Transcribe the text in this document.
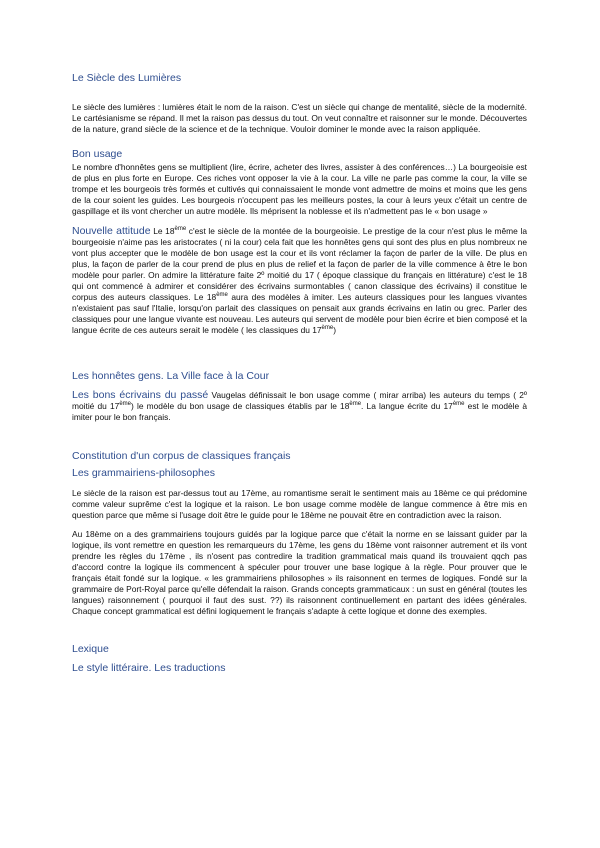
Le Siècle des Lumières

Le siècle des lumières : lumières était le nom de la raison. C'est un siècle qui change de mentalité, siècle de la modernité. Le cartésianisme se répand. Il met la raison pas dessus du tout. On veut connaître et raisonner sur le monde. Découvertes de la nature, grand siècle de la science et de la technique. Vouloir dominer le monde avec la raison appliquée.

Bon usage

Le nombre d'honnêtes gens se multiplient (lire, écrire, acheter des livres, assister à des conférences…) La bourgeoisie est de plus en plus forte en Europe. Ces riches vont opposer la vie à la cour. La ville ne parle pas comme la cour, la ville se trompe et les bourgeois très formés et cultivés qui connaissaient le monde vont admettre de moins et moins que les gens de la cour soient les guides. Les bourgeois n'occupent pas les meilleurs postes, la cour à leurs yeux c'était un centre de gaspillage et ils vont chercher un autre modèle. Ils méprisent la noblesse et ils n'admettent pas le « bon usage »

Nouvelle attitude Le 18ème c'est le siècle de la montée de la bourgeoisie. Le prestige de la cour n'est plus le même la bourgeoisie n'aime pas les aristocrates ( ni la cour) cela fait que les honnêtes gens qui sont des plus en plus nombreux ne vont plus accepter que le modèle de bon usage est la cour et ils vont réclamer la façon de parler de la ville. De plus en plus, la façon de parler de la cour prend de plus en plus de relief et la façon de parler de la ville commence à être le bon modèle pour parler. On admire la littérature faite 2º moitié du 17 ( époque classique du français en littérature) c'est le 18 qui ont commencé à admirer et considérer des écrivains surmontables ( canon classique des écrivains) il constitue le corpus des auteurs classiques. Le 18ème aura des modèles à imiter. Les auteurs classiques pour les langues vivantes n'existaient pas sauf l'Italie, lorsqu'on parlait des classiques on pensait aux grands écrivains en latin ou grec. Parler des classiques pour une langue vivante est nouveau. Les auteurs qui servent de modèle pour bien écrire et bien composé et la langue écrite de ces auteurs serait le modèle ( les classiques du 17ème)

Les honnêtes gens. La Ville face à la Cour

Les bons écrivains du passé Vaugelas définissait le bon usage comme ( mirar arriba) les auteurs du temps ( 2º moitié du 17ème) le modèle du bon usage de classiques établis par le 18ème. La langue écrite du 17ème est le modèle à imiter pour le bon français.

Constitution d'un corpus de classiques français
Les grammairiens-philosophes

Le siècle de la raison est par-dessus tout au 17ème, au romantisme serait le sentiment mais au 18ème ce qui prédomine comme valeur suprême c'est la logique et la raison. Le bon usage comme modèle de langue commence à être mis en question parce que même si l'usage doit être le guide pour le 18ème ne pouvait être en contradiction avec la raison.

Au 18ème on a des grammairiens toujours guidés par la logique parce que c'était la norme en se laissant guider par la logique, ils vont remettre en question les remarqueurs du 17ème, les gens du 18ème vont raisonner autrement et ils vont prendre les règles du 17ème , ils n'osent pas contredire la tradition grammatical mais quand ils trouvaient qqch pas d'accord contre la logique ils commencent à spéculer pour trouver une base logique à la règle. Pour prouver que le français était fondé sur la logique. « les grammairiens philosophes » ils raisonnent en termes de logiques. Fondé sur la grammaire de Port-Royal parce qu'elle défendait la raison. Grands concepts grammaticaux : un sust en général (toutes les langues) raisonnement ( pourquoi il faut des sust. ??) ils raisonnent continuellement en partant des idées générales. Chaque concept grammatical est défini logiquement le français s'adapte à cette logique et donne des exemples.

Lexique
Le style littéraire. Les traductions
